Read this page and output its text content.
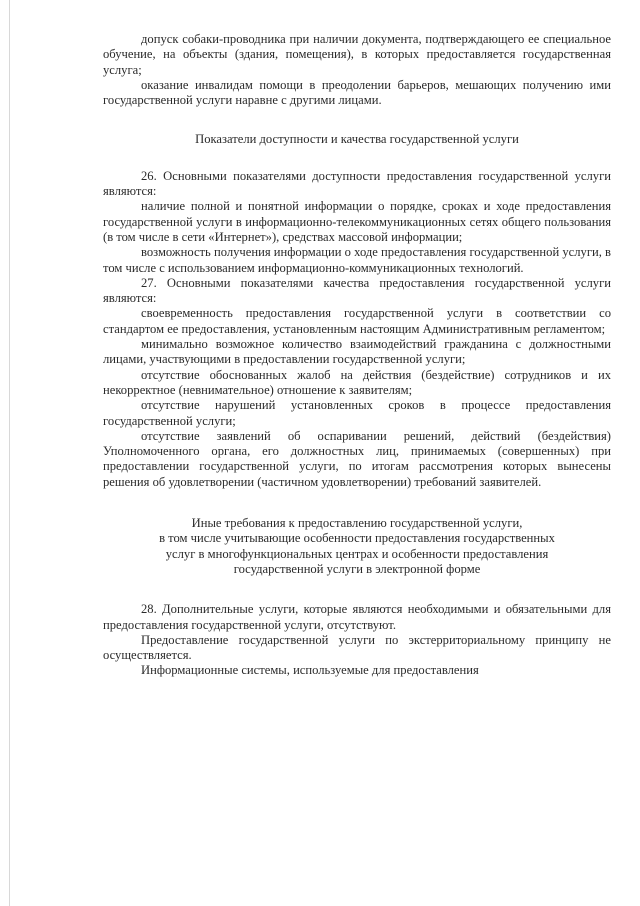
допуск собаки-проводника при наличии документа, подтверждающего ее специальное обучение, на объекты (здания, помещения), в которых предоставляется государственная услуга;

оказание инвалидам помощи в преодолении барьеров, мешающих получению ими государственной услуги наравне с другими лицами.

Показатели доступности и качества государственной услуги

26. Основными показателями доступности предоставления государственной услуги являются:

наличие полной и понятной информации о порядке, сроках и ходе предоставления государственной услуги в информационно-телекоммуникационных сетях общего пользования (в том числе в сети «Интернет»), средствах массовой информации;

возможность получения информации о ходе предоставления государственной услуги, в том числе с использованием информационно-коммуникационных технологий.

27. Основными показателями качества предоставления государственной услуги являются:

своевременность предоставления государственной услуги в соответствии со стандартом ее предоставления, установленным настоящим Административным регламентом;

минимально возможное количество взаимодействий гражданина с должностными лицами, участвующими в предоставлении государственной услуги;

отсутствие обоснованных жалоб на действия (бездействие) сотрудников и их некорректное (невнимательное) отношение к заявителям;

отсутствие нарушений установленных сроков в процессе предоставления государственной услуги;

отсутствие заявлений об оспаривании решений, действий (бездействия) Уполномоченного органа, его должностных лиц, принимаемых (совершенных) при предоставлении государственной услуги, по итогам рассмотрения которых вынесены решения об удовлетворении (частичном удовлетворении) требований заявителей.

Иные требования к предоставлению государственной услуги,

в том числе учитывающие особенности предоставления государственных

услуг в многофункциональных центрах и особенности предоставления

государственной услуги в электронной форме

28. Дополнительные услуги, которые являются необходимыми и обязательными для предоставления государственной услуги, отсутствуют.

Предоставление государственной услуги по экстерриториальному принципу не осуществляется.

Информационные системы, используемые для предоставления
